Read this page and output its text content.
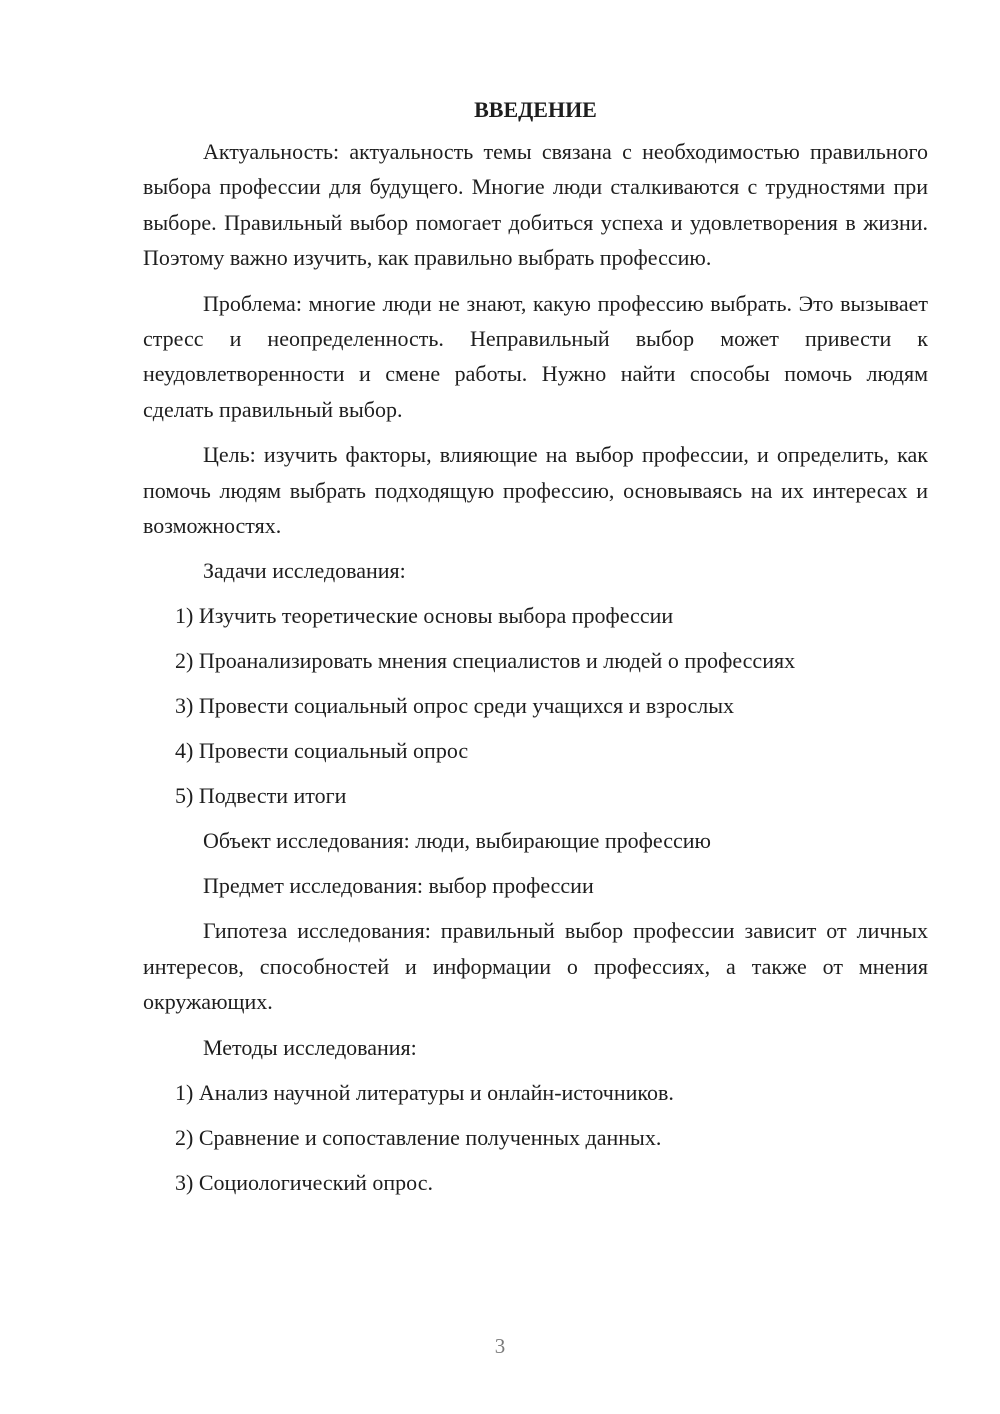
ВВЕДЕНИЕ

Актуальность: актуальность темы связана с необходимостью правильного выбора профессии для будущего. Многие люди сталкиваются с трудностями при выборе. Правильный выбор помогает добиться успеха и удовлетворения в жизни. Поэтому важно изучить, как правильно выбрать профессию.

Проблема: многие люди не знают, какую профессию выбрать. Это вызывает стресс и неопределенность. Неправильный выбор может привести к неудовлетворенности и смене работы. Нужно найти способы помочь людям сделать правильный выбор.

Цель: изучить факторы, влияющие на выбор профессии, и определить, как помочь людям выбрать подходящую профессию, основываясь на их интересах и возможностях.

Задачи исследования:

1) Изучить теоретические основы выбора профессии
2) Проанализировать мнения специалистов и людей о профессиях
3) Провести социальный опрос среди учащихся и взрослых
4) Провести социальный опрос
5) Подвести итоги

Объект исследования: люди, выбирающие профессию

Предмет исследования: выбор профессии

Гипотеза исследования: правильный выбор профессии зависит от личных интересов, способностей и информации о профессиях, а также от мнения окружающих.

Методы исследования:

1) Анализ научной литературы и онлайн-источников.
2) Сравнение и сопоставление полученных данных.
3) Социологический опрос.
3
